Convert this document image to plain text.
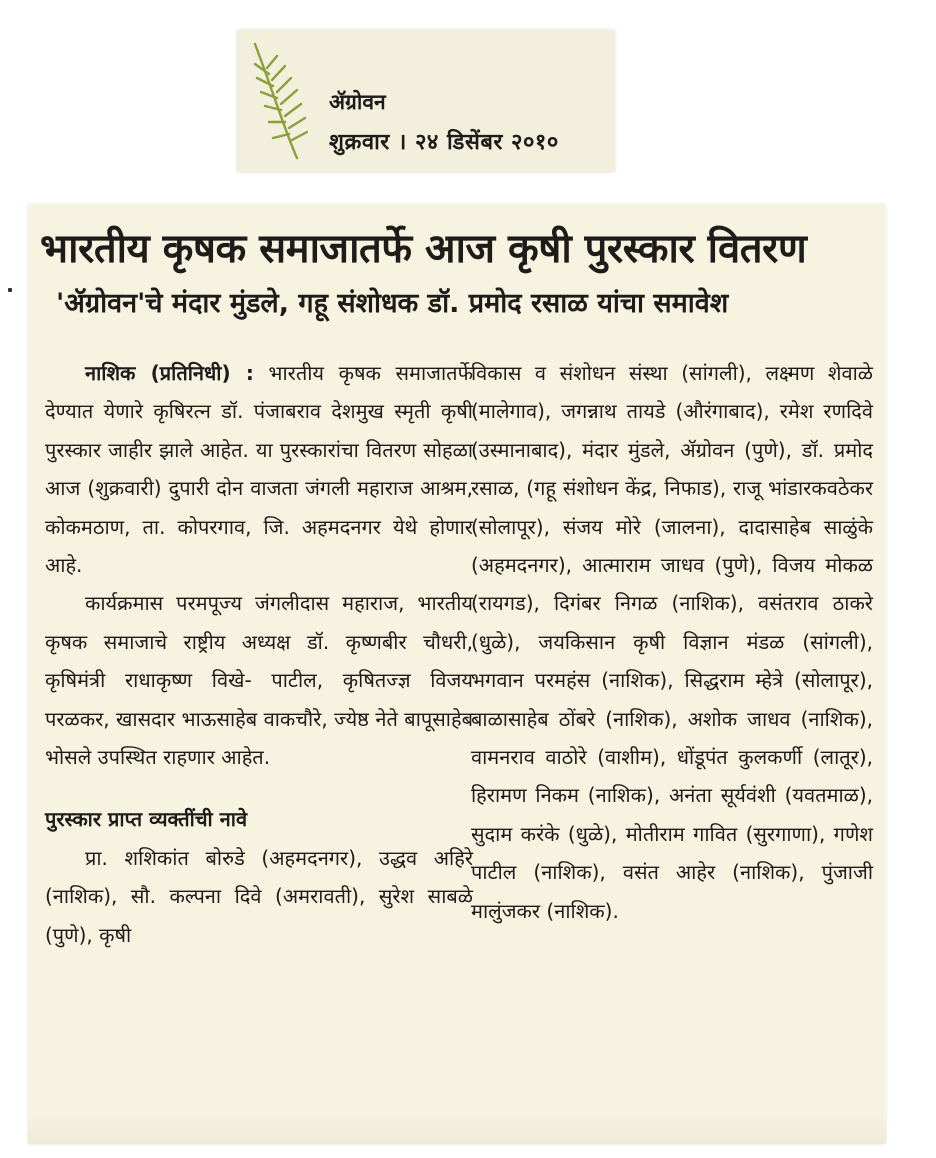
ॲग्रोवन
शुक्रवार । २४ डिसेंबर २०१०
भारतीय कृषक समाजातर्फे आज कृषी पुरस्कार वितरण
'ॲग्रोवन'चे मंदार मुंडले, गहू संशोधक डॉ. प्रमोद रसाळ यांचा समावेश

नाशिक (प्रतिनिधी) : भारतीय कृषक समाजातर्फे देण्यात येणारे कृषिरत्न डॉ. पंजाबराव देशमुख स्मृती कृषी पुरस्कार जाहीर झाले आहेत. या पुरस्कारांचा वितरण सोहळा आज (शुक्रवारी) दुपारी दोन वाजता जंगली महाराज आश्रम, कोकमठाण, ता. कोपरगाव, जि. अहमदनगर येथे होणार आहे.

कार्यक्रमास परमपूज्य जंगलीदास महाराज, भारतीय कृषक समाजाचे राष्ट्रीय अध्यक्ष डॉ. कृष्णबीर चौधरी, कृषिमंत्री राधाकृष्ण विखे- पाटील, कृषितज्ज्ञ विजय परळकर, खासदार भाऊसाहेब वाकचौरे, ज्येष्ठ नेते बापूसाहेब भोसले उपस्थित राहणार आहेत.

पुरस्कार प्राप्त व्यक्तींची नावे

प्रा. शशिकांत बोरुडे (अहमदनगर), उद्धव अहिरे (नाशिक), सौ. कल्पना दिवे (अमरावती), सुरेश साबळे (पुणे), कृषी

विकास व संशोधन संस्था (सांगली), लक्ष्मण शेवाळे (मालेगाव), जगन्नाथ तायडे (औरंगाबाद), रमेश रणदिवे (उस्मानाबाद), मंदार मुंडले, ॲग्रोवन (पुणे), डॉ. प्रमोद रसाळ, (गहू संशोधन केंद्र, निफाड), राजू भांडारकवठेकर (सोलापूर), संजय मोरे (जालना), दादासाहेब साळुंके (अहमदनगर), आत्माराम जाधव (पुणे), विजय मोकळ (रायगड), दिगंबर निगळ (नाशिक), वसंतराव ठाकरे (धुळे), जयकिसान कृषी विज्ञान मंडळ (सांगली), भगवान परमहंस (नाशिक), सिद्धराम म्हेत्रे (सोलापूर), बाळासाहेब ठोंबरे (नाशिक), अशोक जाधव (नाशिक), वामनराव वाठोरे (वाशीम), धोंडूपंत कुलकर्णी (लातूर), हिरामण निकम (नाशिक), अनंता सूर्यवंशी (यवतमाळ), सुदाम करंके (धुळे), मोतीराम गावित (सुरगाणा), गणेश पाटील (नाशिक), वसंत आहेर (नाशिक), पुंजाजी मालुंजकर (नाशिक).
